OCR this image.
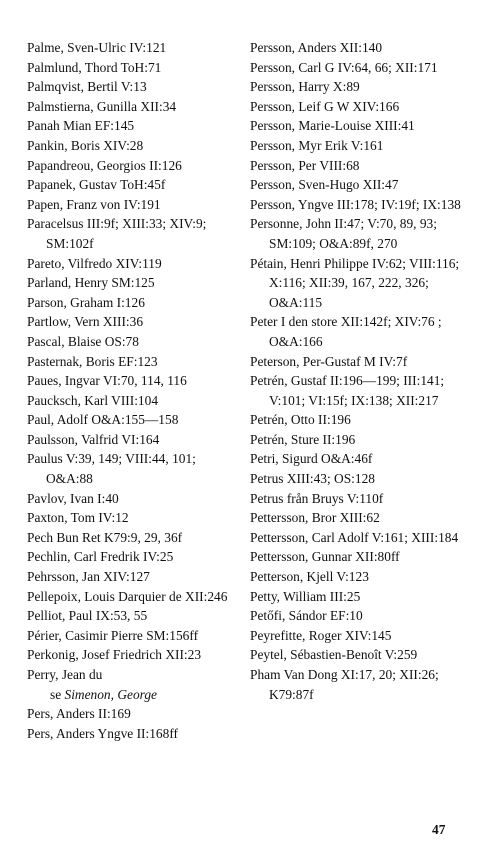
Palme, Sven-Ulric IV:121
Palmlund, Thord ToH:71
Palmqvist, Bertil V:13
Palmstierna, Gunilla XII:34
Panah Mian EF:145
Pankin, Boris XIV:28
Papandreou, Georgios II:126
Papanek, Gustav ToH:45f
Papen, Franz von IV:191
Paracelsus III:9f; XIII:33; XIV:9; SM:102f
Pareto, Vilfredo XIV:119
Parland, Henry SM:125
Parson, Graham I:126
Partlow, Vern XIII:36
Pascal, Blaise OS:78
Pasternak, Boris EF:123
Paues, Ingvar VI:70, 114, 116
Paucksch, Karl VIII:104
Paul, Adolf O&A:155—158
Paulsson, Valfrid VI:164
Paulus V:39, 149; VIII:44, 101; O&A:88
Pavlov, Ivan I:40
Paxton, Tom IV:12
Pech Bun Ret K79:9, 29, 36f
Pechlin, Carl Fredrik IV:25
Pehrsson, Jan XIV:127
Pellepoix, Louis Darquier de XII:246
Pelliot, Paul IX:53, 55
Périer, Casimir Pierre SM:156ff
Perkonig, Josef Friedrich XII:23
Perry, Jean du
se Simenon, George
Pers, Anders II:169
Pers, Anders Yngve II:168ff
Persson, Anders XII:140
Persson, Carl G IV:64, 66; XII:171
Persson, Harry X:89
Persson, Leif G W XIV:166
Persson, Marie-Louise XIII:41
Persson, Myr Erik V:161
Persson, Per VIII:68
Persson, Sven-Hugo XII:47
Persson, Yngve III:178; IV:19f; IX:138
Personne, John II:47; V:70, 89, 93; SM:109; O&A:89f, 270
Pétain, Henri Philippe IV:62; VIII:116; X:116; XII:39, 167, 222, 326; O&A:115
Peter I den store XII:142f; XIV:76 ; O&A:166
Peterson, Per-Gustaf M IV:7f
Petrén, Gustaf II:196—199; III:141; V:101; VI:15f; IX:138; XII:217
Petrén, Otto II:196
Petrén, Sture II:196
Petri, Sigurd O&A:46f
Petrus XIII:43; OS:128
Petrus från Bruys V:110f
Pettersson, Bror XIII:62
Pettersson, Carl Adolf V:161; XIII:184
Pettersson, Gunnar XII:80ff
Petterson, Kjell V:123
Petty, William III:25
Petőfi, Sándor EF:10
Peyrefitte, Roger XIV:145
Peytel, Sébastien-Benoît V:259
Pham Van Dong XI:17, 20; XII:26; K79:87f
47
